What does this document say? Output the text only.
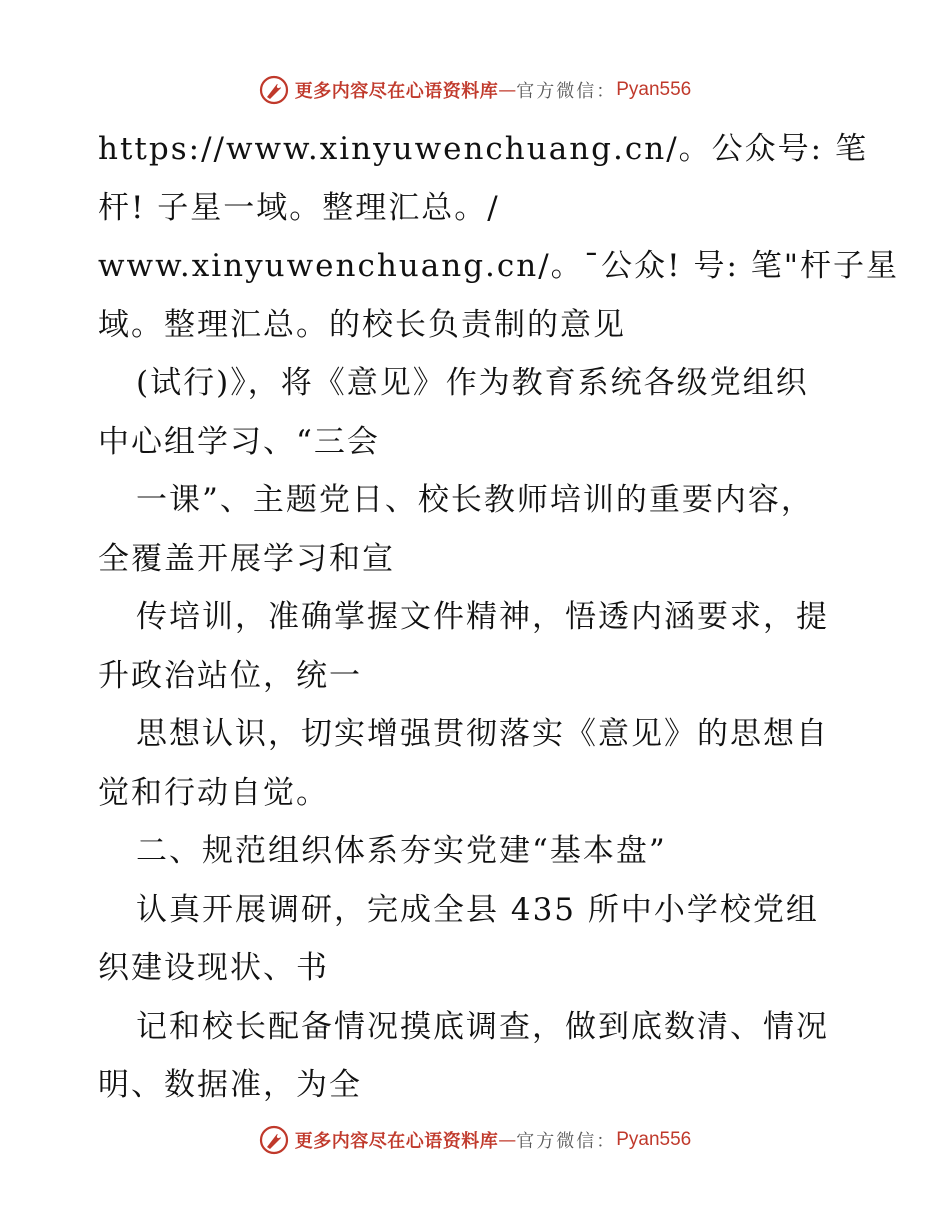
更多内容尽在心语资料库 — 官方微信： Pyan556
https://www.xinyuwenchuang.cn/。公众号: 笔
杆! 子星一域。整理汇总。/
www.xinyuwenchuang.cn/。¯公众! 号: 笔"杆子星
域。整理汇总。的校长负责制的意见
(试行)》，将《意见》作为教育系统各级党组织
中心组学习、“三会
一课”、主题党日、校长教师培训的重要内容，
全覆盖开展学习和宣
传培训，准确掌握文件精神，悟透内涵要求，提
升政治站位，统一
思想认识，切实增强贯彻落实《意见》的思想自
觉和行动自觉。
二、规范组织体系夯实党建“基本盘”
认真开展调研，完成全县 435 所中小学校党组
织建设现状、书
记和校长配备情况摸底调查，做到底数清、情况
明、数据准，为全
更多内容尽在心语资料库 — 官方微信： Pyan556
